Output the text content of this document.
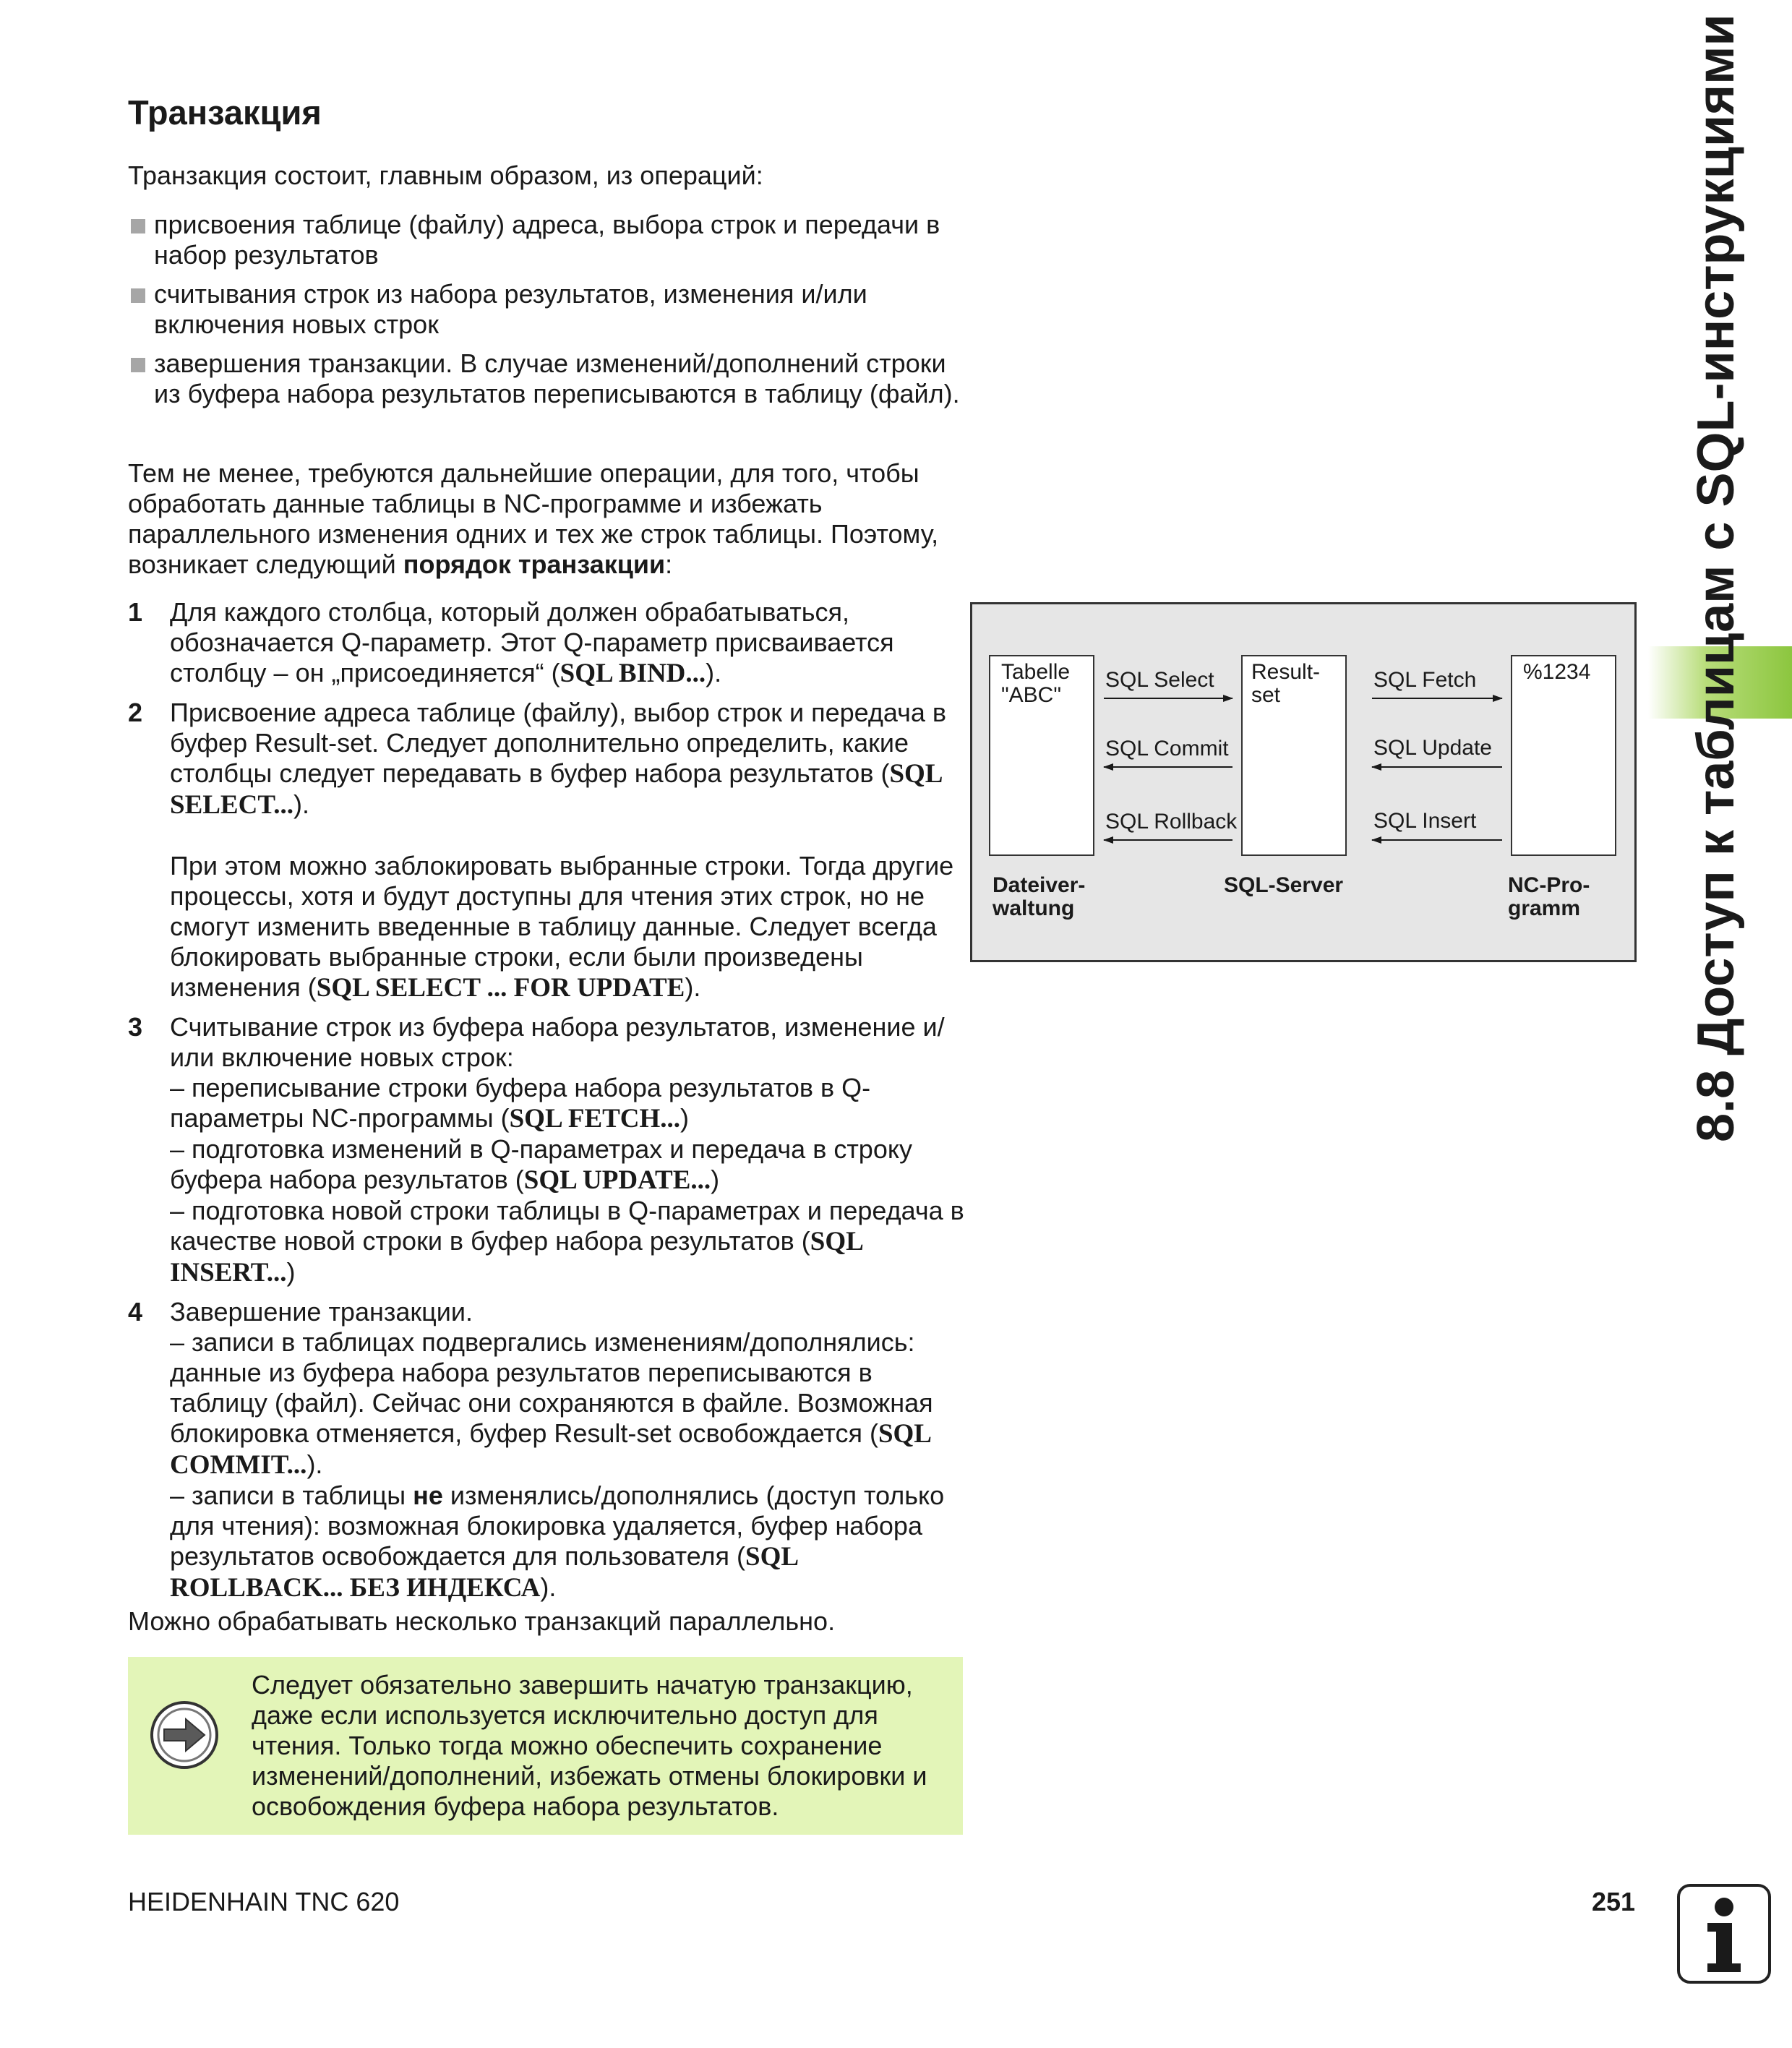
Транзакция
Транзакция состоит, главным образом, из операций:
присвоения таблице (файлу) адреса, выбора строк и передачи в набор результатов
считывания строк из набора результатов, изменения и/или включения новых строк
завершения транзакции. В случае изменений/дополнений строки из буфера набора результатов переписываются в таблицу (файл).
Тем не менее, требуются дальнейшие операции, для того, чтобы обработать данные таблицы в NC-программе и избежать параллельного изменения одних и тех же строк таблицы. Поэтому, возникает следующий порядок транзакции:
1 Для каждого столбца, который должен обрабатываться, обозначается Q-параметр. Этот Q-параметр присваивается столбцу – он „присоединяется“ (SQL BIND...).
2 Присвоение адреса таблице (файлу), выбор строк и передача в буфер Result-set. Следует дополнительно определить, какие столбцы следует передавать в буфер набора результатов (SQL SELECT...).
При этом можно заблокировать выбранные строки. Тогда другие процессы, хотя и будут доступны для чтения этих строк, но не смогут изменить введенные в таблицу данные. Следует всегда блокировать выбранные строки, если были произведены изменения (SQL SELECT ... FOR UPDATE).
3 Считывание строк из буфера набора результатов, изменение и/или включение новых строк:
– переписывание строки буфера набора результатов в Q-параметры NC-программы (SQL FETCH...)
– подготовка изменений в Q-параметрах и передача в строку буфера набора результатов (SQL UPDATE...)
– подготовка новой строки таблицы в Q-параметрах и передача в качестве новой строки в буфер набора результатов (SQL INSERT...)
4 Завершение транзакции.
– записи в таблицах подвергались изменениям/дополнялись: данные из буфера набора результатов переписываются в таблицу (файл). Сейчас они сохраняются в файле. Возможная блокировка отменяется, буфер Result-set освобождается (SQL COMMIT...).
– записи в таблицы не изменялись/дополнялись (доступ только для чтения): возможная блокировка удаляется, буфер набора результатов освобождается для пользователя (SQL ROLLBACK... БЕЗ ИНДЕКСА).
Можно обрабатывать несколько транзакций параллельно.
Следует обязательно завершить начатую транзакцию, даже если используется исключительно доступ для чтения. Только тогда можно обеспечить сохранение изменений/дополнений, избежать отмены блокировки и освобождения буфера набора результатов.
Tabelle
"ABC"
Result-
set
%1234
SQL Select
SQL Commit
SQL Rollback
SQL Fetch
SQL Update
SQL Insert
Dateiver-
waltung
SQL-Server	NC-Pro-
gramm 8.8 Доступ к таблицам с SQL-инструкциями
HEIDENHAIN TNC 620	251
